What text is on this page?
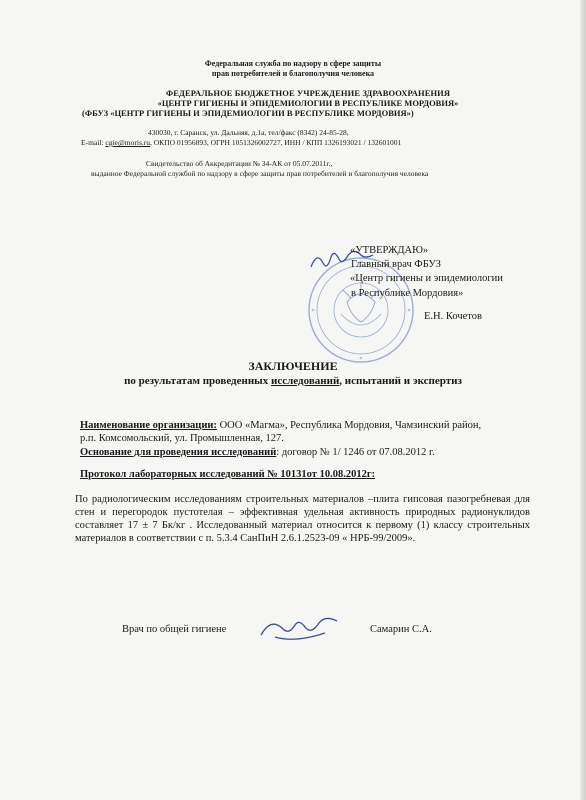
Федеральная служба по надзору в сфере защиты
прав потребителей и благополучия человека
ФЕДЕРАЛЬНОЕ БЮДЖЕТНОЕ УЧРЕЖДЕНИЕ ЗДРАВООХРАНЕНИЯ
«ЦЕНТР ГИГИЕНЫ И ЭПИДЕМИОЛОГИИ В РЕСПУБЛИКЕ МОРДОВИЯ»
(ФБУЗ «ЦЕНТР ГИГИЕНЫ И ЭПИДЕМИОЛОГИИ В РЕСПУБЛИКЕ МОРДОВИЯ»)
430030, г. Саранск, ул. Дальняя, д.1а, тел/факс (8342) 24-85-28,
E-mail: cgie@moris.ru, ОКПО 01956893, ОГРН 1051326002727, ИНН / КПП 1326193021 / 132601001
Свидетельство об Аккредитации № 34-АК от 05.07.2011г.,
выданное Федеральной службой по надзору в сфере защиты прав потребителей и благополучия человека
«УТВЕРЖДАЮ»
Главный врач ФБУЗ
«Центр гигиены и эпидемиологии
в Республике Мордовия»
Е.Н. Кочетов
ЗАКЛЮЧЕНИЕ
по результатам проведенных исследований, испытаний и экспертиз
Наименование организации: ООО «Магма», Республика Мордовия, Чамзинский район,
р.п. Комсомольский, ул. Промышленная, 127.
Основание для проведения исследований: договор № 1/ 1246 от 07.08.2012 г.
Протокол лабораторных исследований № 10131от 10.08.2012г:
По радиологическим исследованиям строительных материалов –плита гипсовая пазогребневая для стен и перегородок пустотелая – эффективная удельная активность природных радионуклидов составляет 17 ± 7 Бк/кг . Исследованный материал относится к первому (1) классу строительных материалов в соответствии с п. 5.3.4 СанПиН 2.6.1.2523-09 « НРБ-99/2009».
Врач по общей гигиене	Самарин С.А.
